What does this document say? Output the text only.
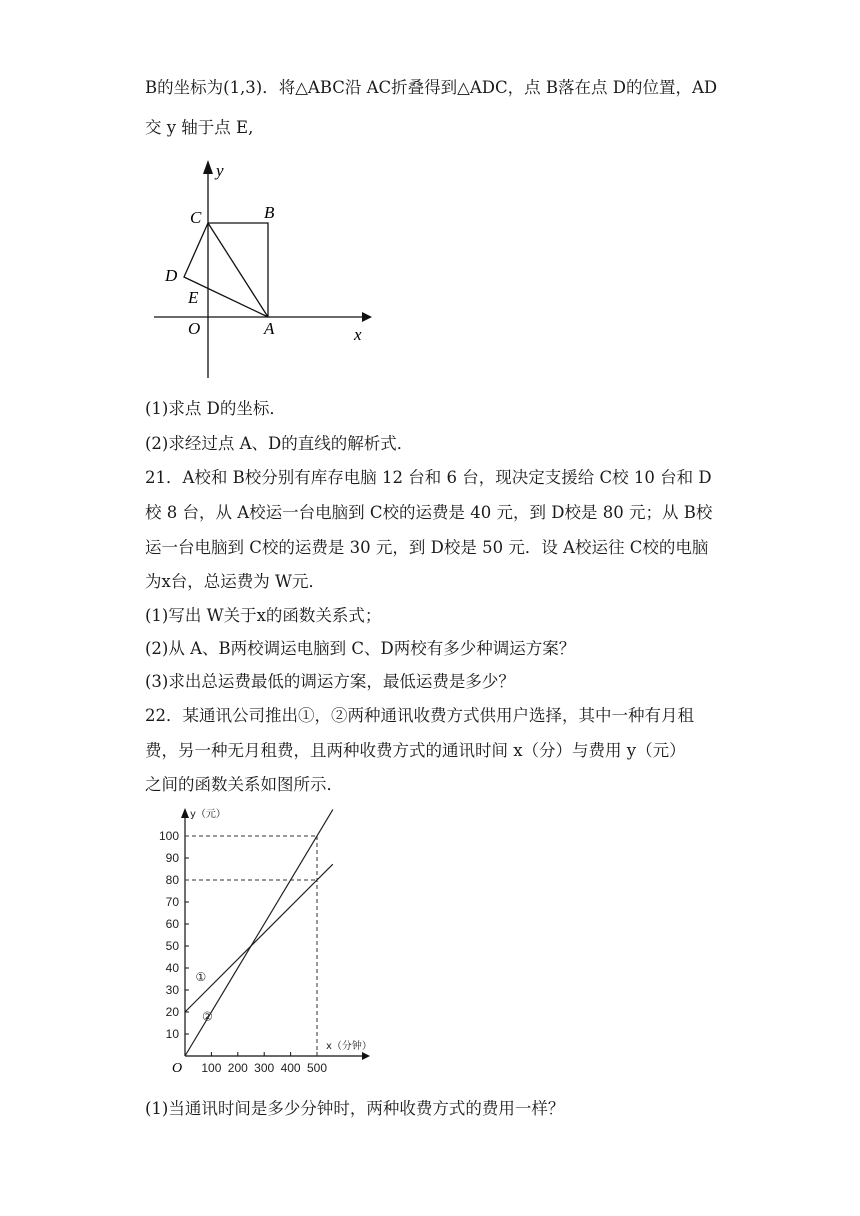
B的坐标为(1,3)．将△ABC沿 AC折叠得到△ADC，点 B落在点 D的位置，AD
交 y 轴于点 E,
y
x
C	B
D
E
O	A
(1)求点 D的坐标．
(2)求经过点 A、D的直线的解析式．
21．A校和 B校分别有库存电脑 12 台和 6 台，现决定支援给 C校 10 台和 D
校 8 台，从 A校运一台电脑到 C校的运费是 40 元，到 D校是 80 元；从 B校
运一台电脑到 C校的运费是 30 元，到 D校是 50 元．设 A校运往 C校的电脑
为x台，总运费为 W元．
(1)写出 W关于x的函数关系式；
(2)从 A、B两校调运电脑到 C、D两校有多少种调运方案？
(3)求出总运费最低的调运方案，最低运费是多少？
22．某通讯公司推出①，②两种通讯收费方式供用户选择，其中一种有月租
费，另一种无月租费，且两种收费方式的通讯时间 x（分）与费用 y（元）
之间的函数关系如图所示．
y（元）
x（分钟）
O
10
20
30
40
50
60
70
80
90
100
100 200 300 400 500
①
②
(1)当通讯时间是多少分钟时，两种收费方式的费用一样？
